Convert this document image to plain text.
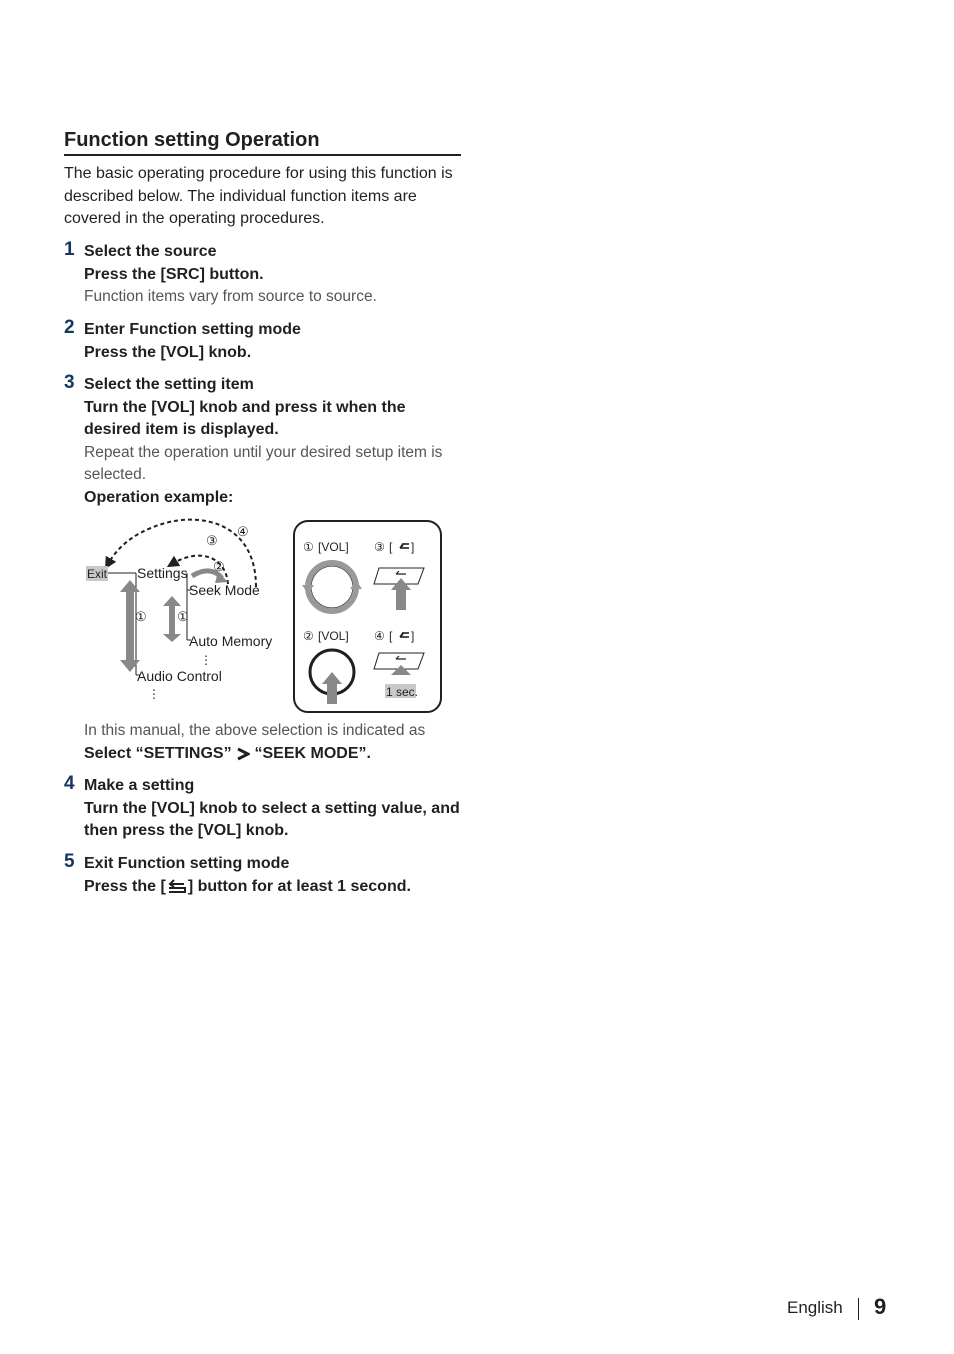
Function setting Operation
The basic operating procedure for using this function is described below. The individual function items are covered in the operating procedures.
1 Select the source
Press the [SRC] button.
Function items vary from source to source.
2 Enter Function setting mode
Press the [VOL] knob.
3 Select the setting item
Turn the [VOL] knob and press it when the desired item is displayed.
Repeat the operation until your desired setup item is selected.
Operation example:
Exit Settings
Seek Mode
Auto Memory
Audio Control
⋮
⋮
① ①
②
③
④
① [VOL] ③ [ ]
② [VOL] ④ [ ]
1 sec.
In this manual, the above selection is indicated as
Select “SETTINGS” “SEEK MODE”.
4 Make a setting
Turn the [VOL] knob to select a setting value, and then press the [VOL] knob.
5 Exit Function setting mode
Press the [ ] button for at least 1 second.
English 9
